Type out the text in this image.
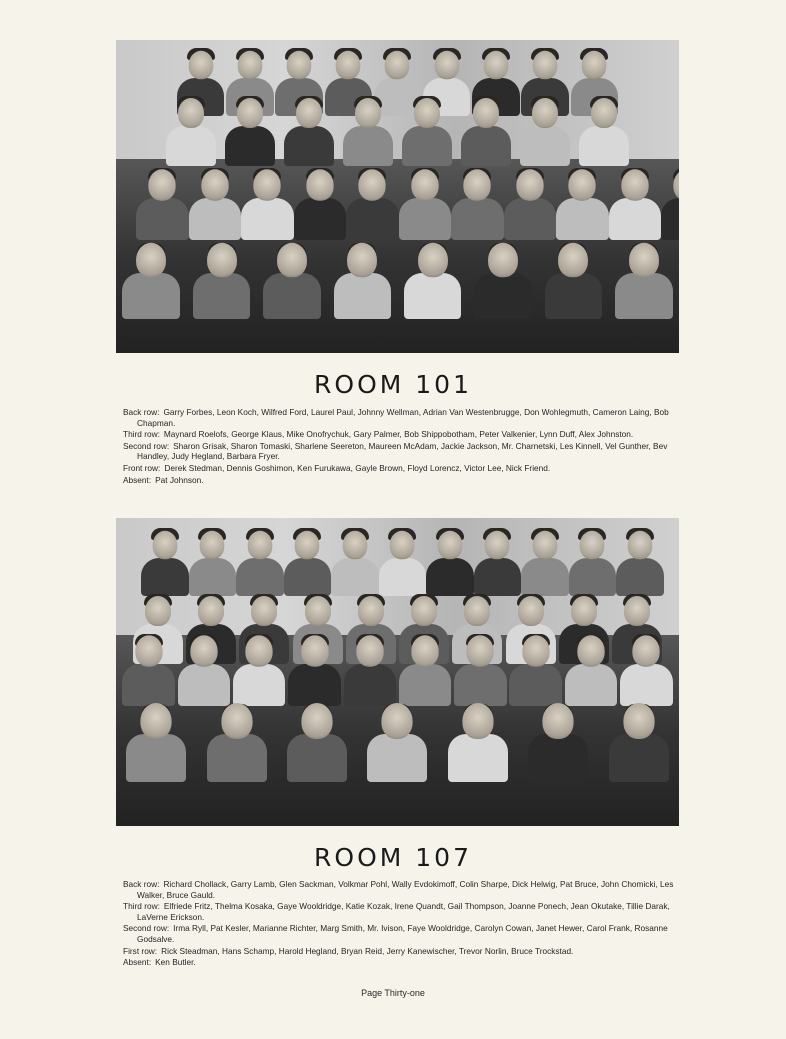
ROOM 101

Back row: Garry Forbes, Leon Koch, Wilfred Ford, Laurel Paul, Johnny Wellman, Adrian Van Westenbrugge, Don Wohlegmuth, Cameron Laing, Bob Chapman.

Third row: Maynard Roelofs, George Klaus, Mike Onofrychuk, Gary Palmer, Bob Shippobotham, Peter Valkenier, Lynn Duff, Alex Johnston.

Second row: Sharon Grisak, Sharon Tomaski, Sharlene Seereton, Maureen McAdam, Jackie Jackson, Mr. Charnetski, Les Kinnell, Vel Gunther, Bev Handley, Judy Hegland, Barbara Fryer.

Front row: Derek Stedman, Dennis Goshimon, Ken Furukawa, Gayle Brown, Floyd Lorencz, Victor Lee, Nick Friend.

Absent: Pat Johnson.

ROOM 107

Back row: Richard Chollack, Garry Lamb, Glen Sackman, Volkmar Pohl, Wally Evdokimoff, Colin Sharpe, Dick Helwig, Pat Bruce, John Chomicki, Les Walker, Bruce Gauld.

Third row: Elfriede Fritz, Thelma Kosaka, Gaye Wooldridge, Katie Kozak, Irene Quandt, Gail Thompson, Joanne Ponech, Jean Okutake, Tillie Darak, LaVerne Erickson.

Second row: Irma Ryll, Pat Kesler, Marianne Richter, Marg Smith, Mr. Ivison, Faye Wooldridge, Carolyn Cowan, Janet Hewer, Carol Frank, Rosanne Godsalve.

First row: Rick Steadman, Hans Schamp, Harold Hegland, Bryan Reid, Jerry Kanewischer, Trevor Norlin, Bruce Trockstad.

Absent: Ken Butler.

Page Thirty-one
